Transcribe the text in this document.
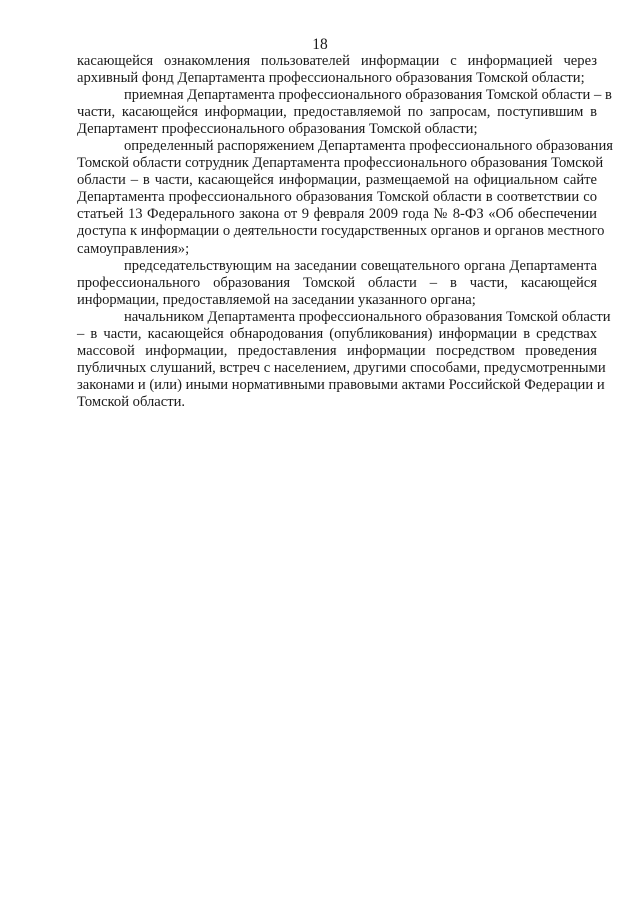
18
касающейся ознакомления пользователей информации с информацией через
архивный фонд Департамента профессионального образования Томской области;
приемная Департамента профессионального образования Томской области – в
части, касающейся информации, предоставляемой по запросам, поступившим в
Департамент профессионального образования Томской области;
определенный распоряжением Департамента профессионального образования
Томской области сотрудник Департамента профессионального образования Томской
области – в части, касающейся информации, размещаемой на официальном сайте
Департамента профессионального образования Томской области в соответствии со
статьей 13 Федерального закона от 9 февраля 2009 года № 8-ФЗ «Об обеспечении
доступа к информации о деятельности государственных органов и органов местного
самоуправления»;
председательствующим на заседании совещательного органа Департамента
профессионального образования Томской области – в части, касающейся
информации, предоставляемой на заседании указанного органа;
начальником Департамента профессионального образования Томской области
– в части, касающейся обнародования (опубликования) информации в средствах
массовой информации, предоставления информации посредством проведения
публичных слушаний, встреч с населением, другими способами, предусмотренными
законами и (или) иными нормативными правовыми актами Российской Федерации и
Томской области.
